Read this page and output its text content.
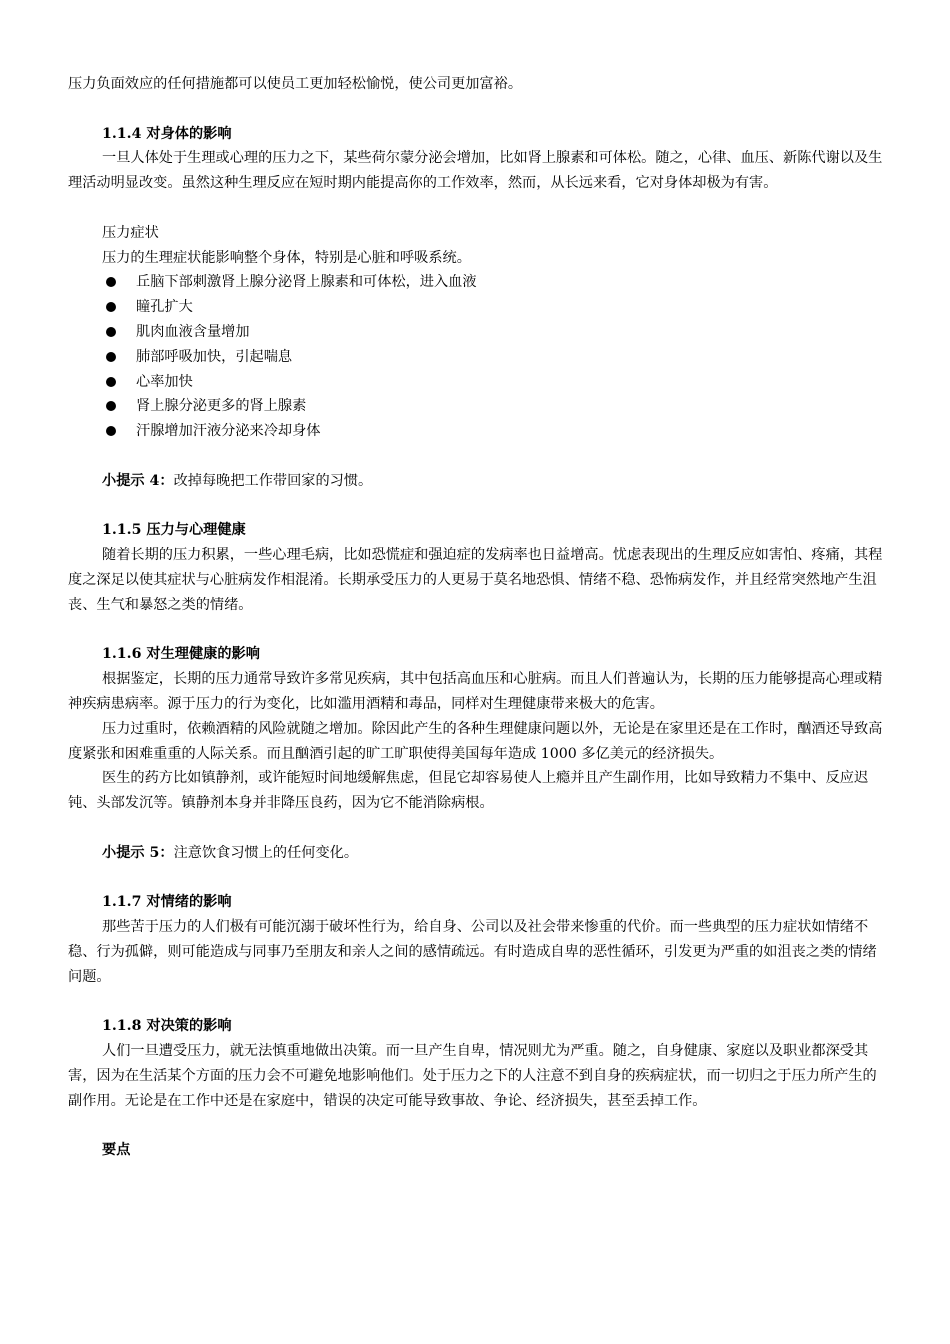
压力负面效应的任何措施都可以使员工更加轻松愉悦，使公司更加富裕。

1.1.4 对身体的影响

一旦人体处于生理或心理的压力之下，某些荷尔蒙分泌会增加，比如肾上腺素和可体松。随之，心律、血压、新陈代谢以及生理活动明显改变。虽然这种生理反应在短时期内能提高你的工作效率，然而，从长远来看，它对身体却极为有害。

压力症状

压力的生理症状能影响整个身体，特别是心脏和呼吸系统。

丘脑下部刺激肾上腺分泌肾上腺素和可体松，进入血液
瞳孔扩大
肌肉血液含量增加
肺部呼吸加快，引起喘息
心率加快
肾上腺分泌更多的肾上腺素
汗腺增加汗液分泌来冷却身体

小提示 4：改掉每晚把工作带回家的习惯。

1.1.5 压力与心理健康

随着长期的压力积累，一些心理毛病，比如恐慌症和强迫症的发病率也日益增高。忧虑表现出的生理反应如害怕、疼痛，其程度之深足以使其症状与心脏病发作相混淆。长期承受压力的人更易于莫名地恐惧、情绪不稳、恐怖病发作，并且经常突然地产生沮丧、生气和暴怒之类的情绪。

1.1.6 对生理健康的影响

根据鉴定，长期的压力通常导致许多常见疾病，其中包括高血压和心脏病。而且人们普遍认为，长期的压力能够提高心理或精神疾病患病率。源于压力的行为变化，比如滥用酒精和毒品，同样对生理健康带来极大的危害。

压力过重时，依赖酒精的风险就随之增加。除因此产生的各种生理健康问题以外，无论是在家里还是在工作时，酗酒还导致高度紧张和困难重重的人际关系。而且酗酒引起的旷工旷职使得美国每年造成 1000 多亿美元的经济损失。

医生的药方比如镇静剂，或许能短时间地缓解焦虑，但昆它却容易使人上瘾并且产生副作用，比如导致精力不集中、反应迟钝、头部发沉等。镇静剂本身并非降压良药，因为它不能消除病根。

小提示 5：注意饮食习惯上的任何变化。

1.1.7 对情绪的影响

那些苦于压力的人们极有可能沉溺于破坏性行为，给自身、公司以及社会带来惨重的代价。而一些典型的压力症状如情绪不稳、行为孤僻，则可能造成与同事乃至朋友和亲人之间的感情疏远。有时造成自卑的恶性循环，引发更为严重的如沮丧之类的情绪问题。

1.1.8 对决策的影响

人们一旦遭受压力，就无法慎重地做出决策。而一旦产生自卑，情况则尤为严重。随之，自身健康、家庭以及职业都深受其害，因为在生活某个方面的压力会不可避免地影响他们。处于压力之下的人注意不到自身的疾病症状，而一切归之于压力所产生的副作用。无论是在工作中还是在家庭中，错误的决定可能导致事故、争论、经济损失，甚至丢掉工作。

要点
